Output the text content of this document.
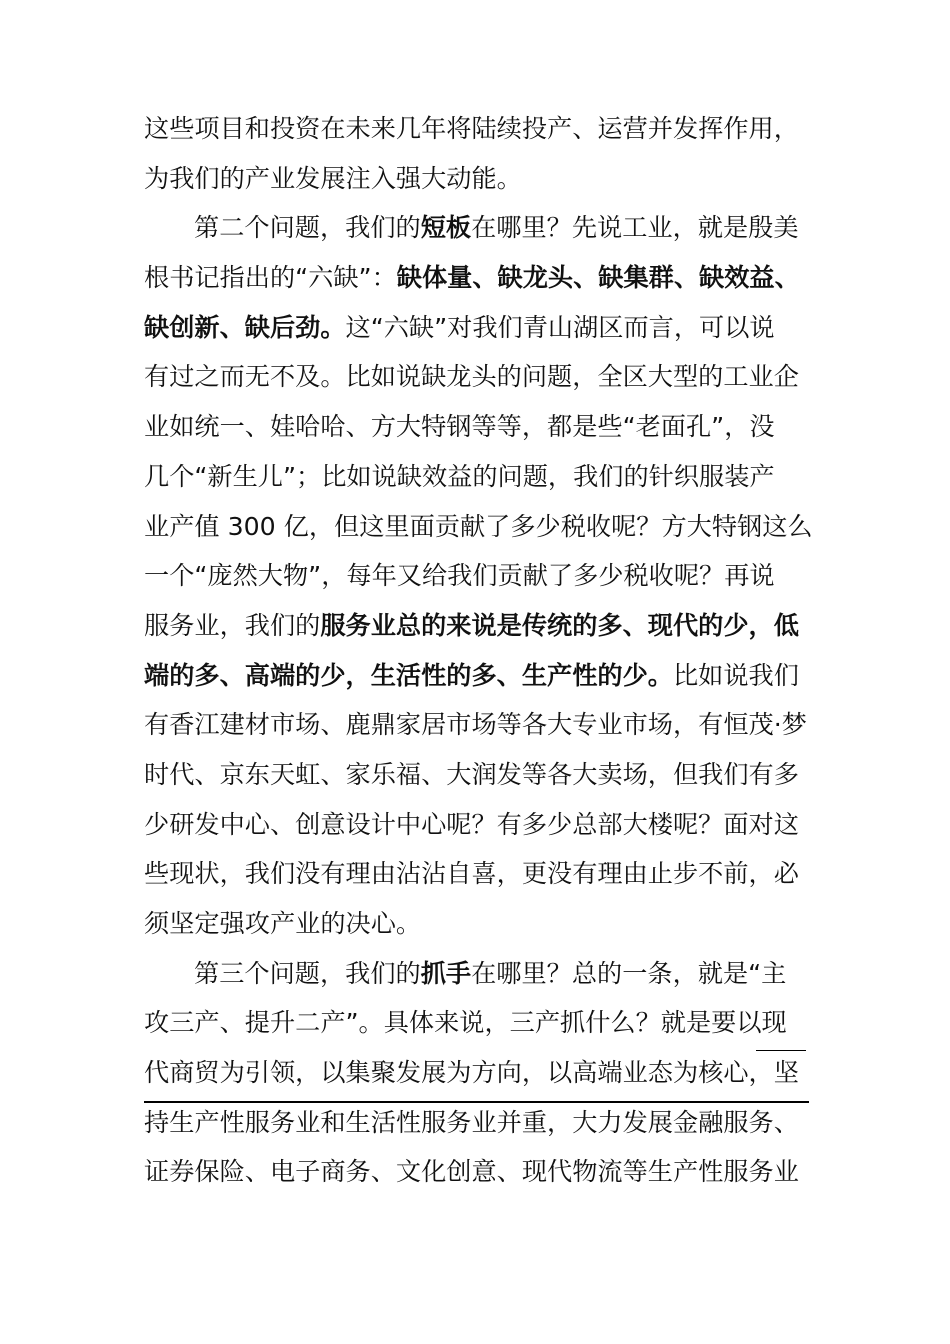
这些项目和投资在未来几年将陆续投产、运营并发挥作用，
为我们的产业发展注入强大动能。
第二个问题，我们的短板在哪里？先说工业，就是殷美
根书记指出的“六缺”：缺体量、缺龙头、缺集群、缺效益、
缺创新、缺后劲。这“六缺”对我们青山湖区而言，可以说
有过之而无不及。比如说缺龙头的问题，全区大型的工业企
业如统一、娃哈哈、方大特钢等等，都是些“老面孔”，没
几个“新生儿”；比如说缺效益的问题，我们的针织服装产
业产值 300 亿，但这里面贡献了多少税收呢？方大特钢这么
一个“庞然大物”，每年又给我们贡献了多少税收呢？再说
服务业，我们的服务业总的来说是传统的多、现代的少，低
端的多、高端的少，生活性的多、生产性的少。比如说我们
有香江建材市场、鹿鼎家居市场等各大专业市场，有恒茂·梦
时代、京东天虹、家乐福、大润发等各大卖场，但我们有多
少研发中心、创意设计中心呢？有多少总部大楼呢？面对这
些现状，我们没有理由沾沾自喜，更没有理由止步不前，必
须坚定强攻产业的决心。
第三个问题，我们的抓手在哪里？总的一条，就是“主
攻三产、提升二产”。具体来说，三产抓什么？就是要以现
代商贸为引领，以集聚发展为方向，以高端业态为核心，坚
持生产性服务业和生活性服务业并重，大力发展金融服务、
证券保险、电子商务、文化创意、现代物流等生产性服务业
